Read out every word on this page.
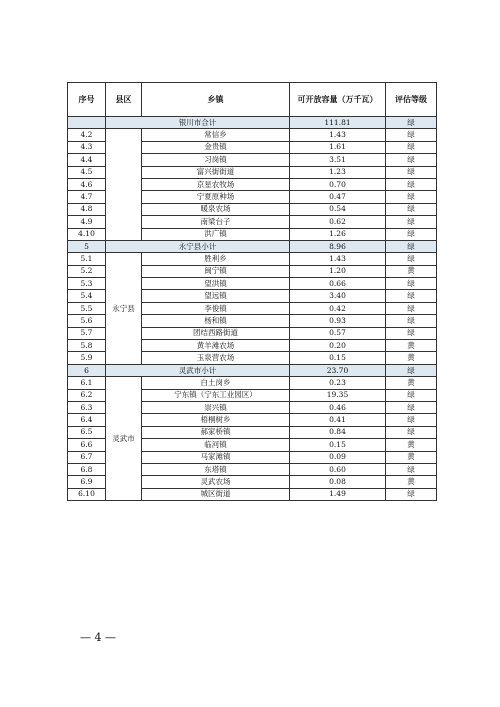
序号	县区	乡镇	可开放容量（万千瓦）	评估等级
	银川市合计		111.81	绿
4.2		常信乡	1.43	绿
4.3		金贵镇	1.61	绿
4.4		习岗镇	3.51	绿
4.5		富兴街街道	1.23	绿
4.6		京星农牧场	0.70	绿
4.7		宁夏原种场	0.47	绿
4.8		暖泉农场	0.54	绿
4.9		南梁台子	0.62	绿
4.10		洪广镇	1.26	绿
5	永宁县小计		8.96	绿
5.1	永宁县	胜利乡	1.43	绿
5.2		闽宁镇	1.20	黄
5.3		望洪镇	0.66	绿
5.4		望远镇	3.40	绿
5.5		李俊镇	0.42	绿
5.6		杨和镇	0.93	绿
5.7		团结西路街道	0.57	绿
5.8		黄羊滩农场	0.20	黄
5.9		玉泉营农场	0.15	黄
6	灵武市小计		23.70	绿
6.1	灵武市	白土岗乡	0.23	黄
6.2		宁东镇（宁东工业园区）	19.35	绿
6.3		崇兴镇	0.46	绿
6.4		梧桐树乡	0.41	绿
6.5		郝家桥镇	0.84	绿
6.6		临河镇	0.15	黄
6.7		马家滩镇	0.09	黄
6.8		东塔镇	0.60	绿
6.9		灵武农场	0.08	黄
6.10		城区街道	1.49	绿
— 4 —
